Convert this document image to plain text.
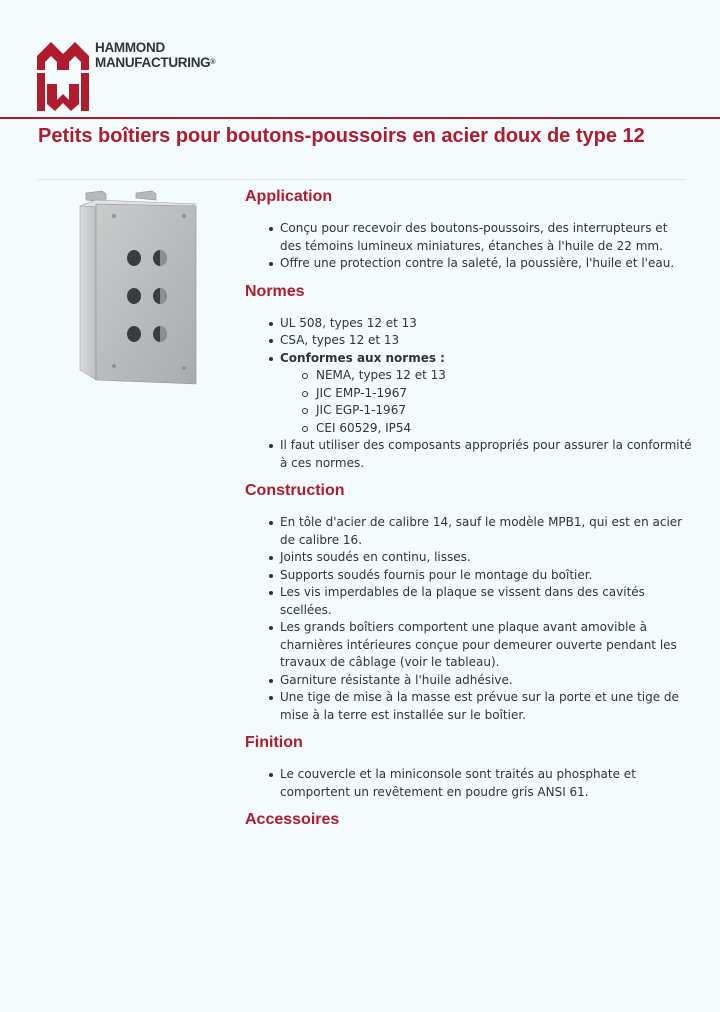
HAMMOND
MANUFACTURING®
Petits boîtiers pour boutons-poussoirs en acier doux de type 12
Application
Conçu pour recevoir des boutons-poussoirs, des interrupteurs et des témoins lumineux miniatures, étanches à l'huile de 22 mm.
Offre une protection contre la saleté, la poussière, l'huile et l'eau.
Normes
UL 508, types 12 et 13
CSA, types 12 et 13
Conformes aux normes :
NEMA, types 12 et 13
JIC EMP-1-1967
JIC EGP-1-1967
CEI 60529, IP54
Il faut utiliser des composants appropriés pour assurer la conformité à ces normes.
Construction
En tôle d'acier de calibre 14, sauf le modèle MPB1, qui est en acier de calibre 16.
Joints soudés en continu, lisses.
Supports soudés fournis pour le montage du boîtier.
Les vis imperdables de la plaque se vissent dans des cavités scellées.
Les grands boîtiers comportent une plaque avant amovible à charnières intérieures conçue pour demeurer ouverte pendant les travaux de câblage (voir le tableau).
Garniture résistante à l'huile adhésive.
Une tige de mise à la masse est prévue sur la porte et une tige de mise à la terre est installée sur le boîtier.
Finition
Le couvercle et la miniconsole sont traités au phosphate et comportent un revêtement en poudre gris ANSI 61.
Accessoires
